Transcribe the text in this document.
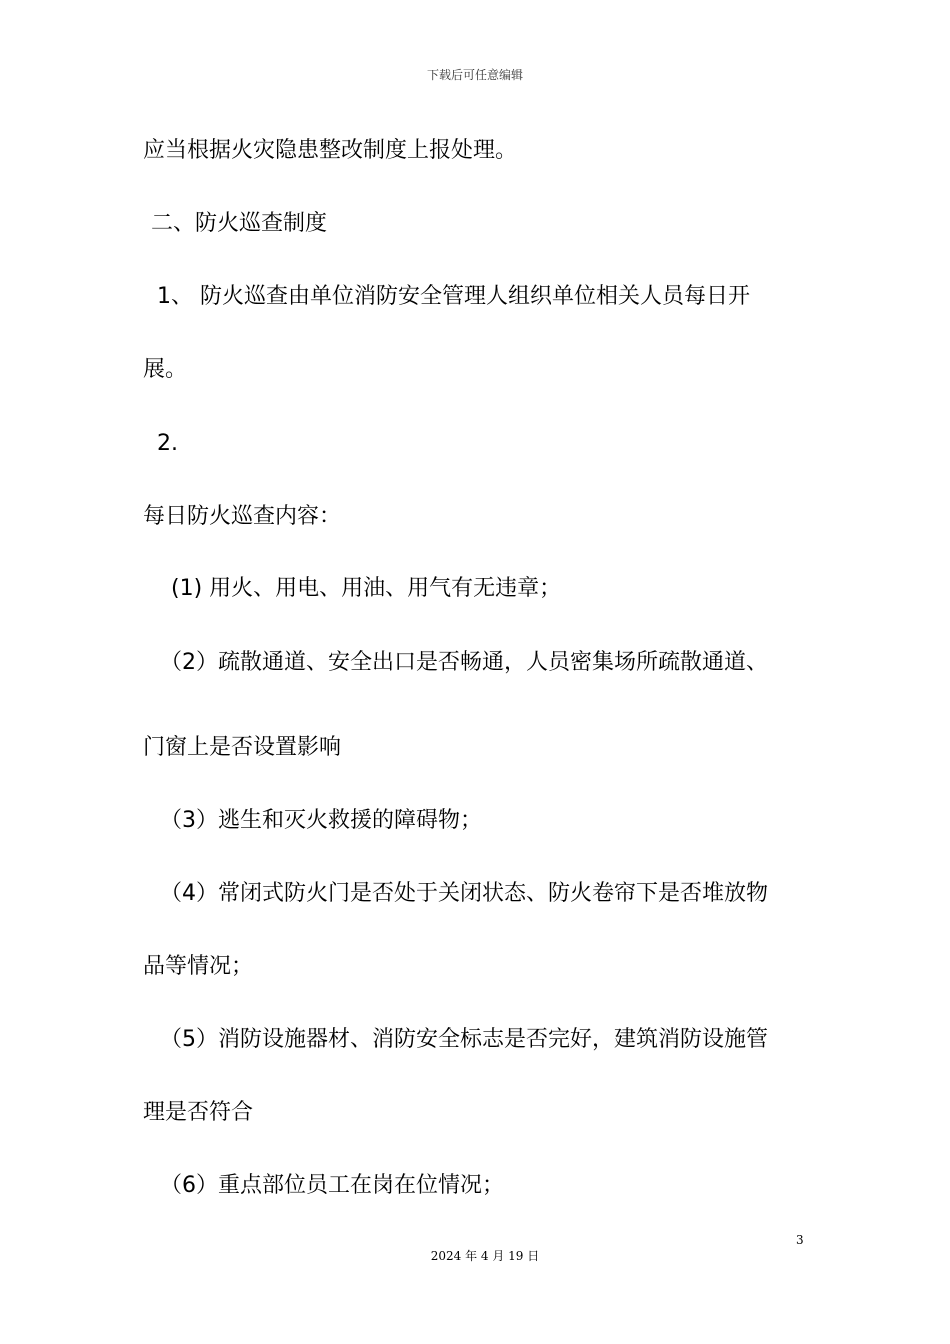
下载后可任意编辑
应当根据火灾隐患整改制度上报处理。
二、防火巡查制度
1、 防火巡查由单位消防安全管理人组织单位相关人员每日开
展。
2.
每日防火巡查内容：
(1) 用火、用电、用油、用气有无违章；
（2）疏散通道、安全出口是否畅通，人员密集场所疏散通道、
门窗上是否设置影响
（3）逃生和灭火救援的障碍物；
（4）常闭式防火门是否处于关闭状态、防火卷帘下是否堆放物
品等情况；
（5）消防设施器材、消防安全标志是否完好，建筑消防设施管
理是否符合
（6）重点部位员工在岗在位情况；
3
2024 年 4 月 19 日
